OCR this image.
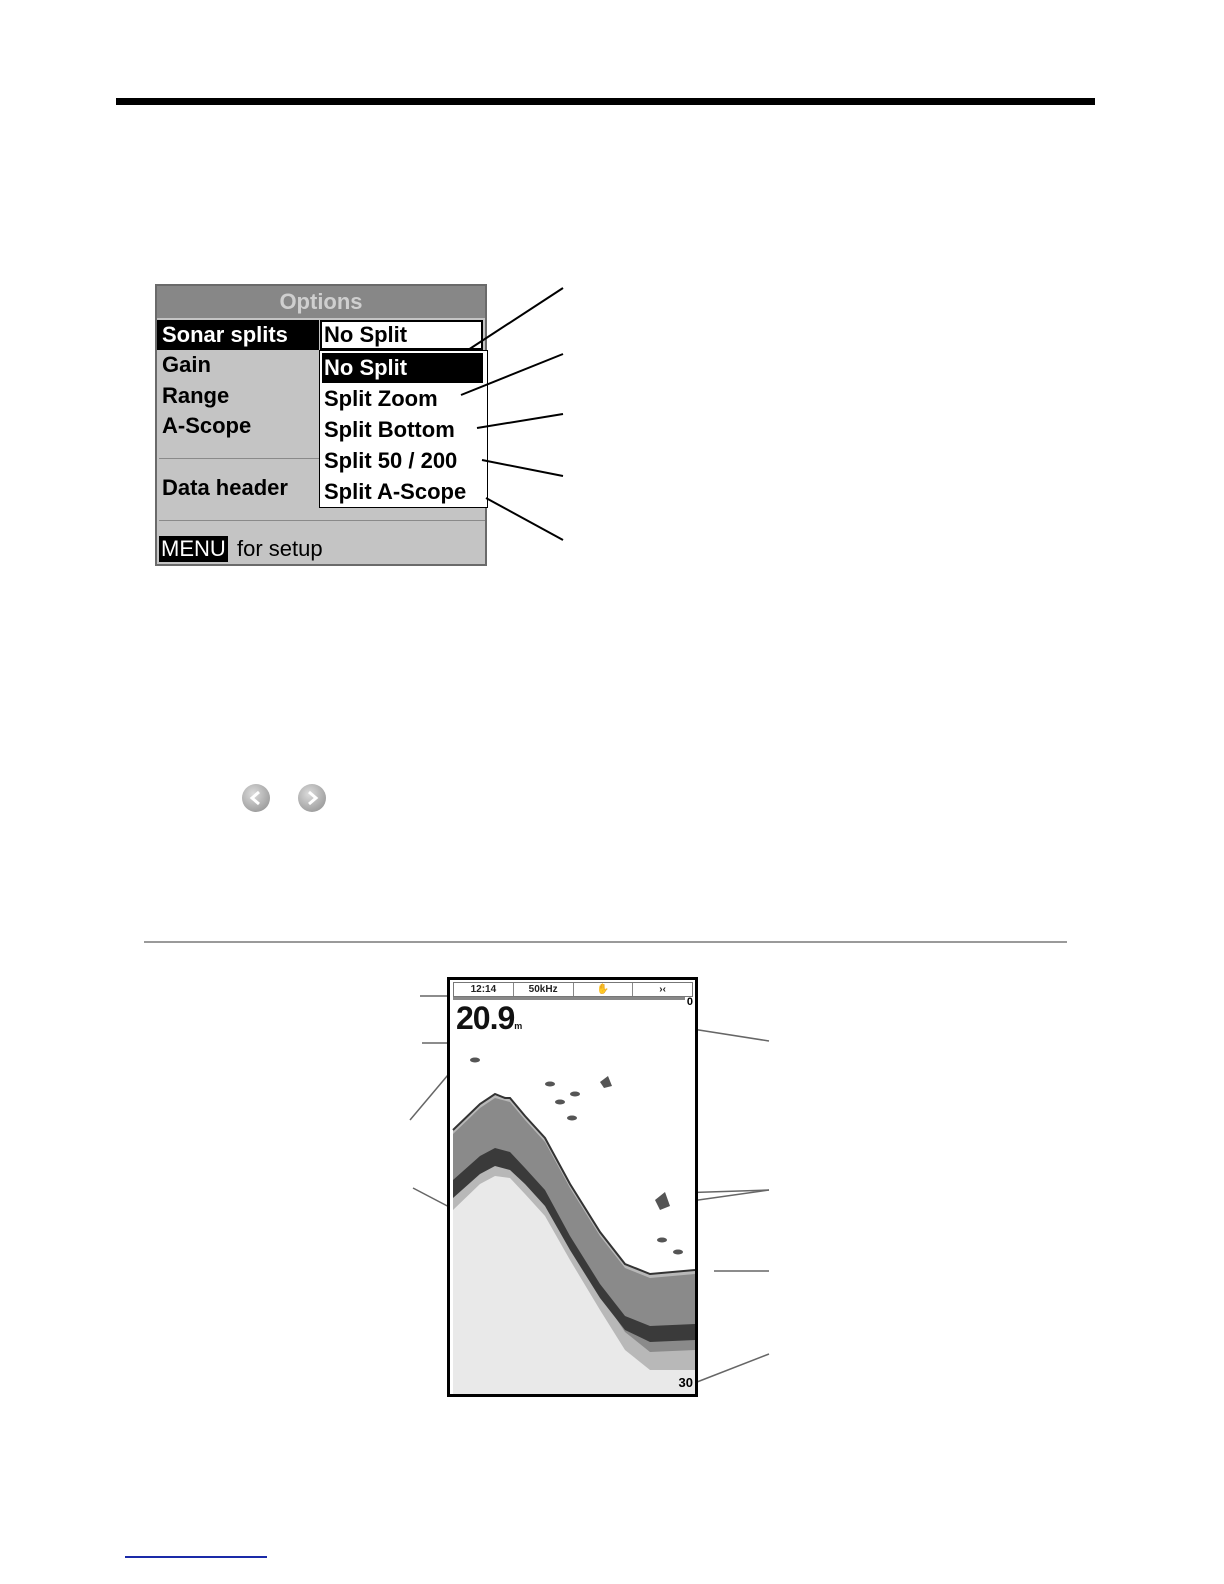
Options
Sonar splits
Gain
Range
A-Scope
Data header
No Split
No Split
Split Zoom
Split Bottom
Split 50 / 200
Split A-Scope
MENU for setup
12:14	50kHz	✋	›‹
20.9m
0
30
